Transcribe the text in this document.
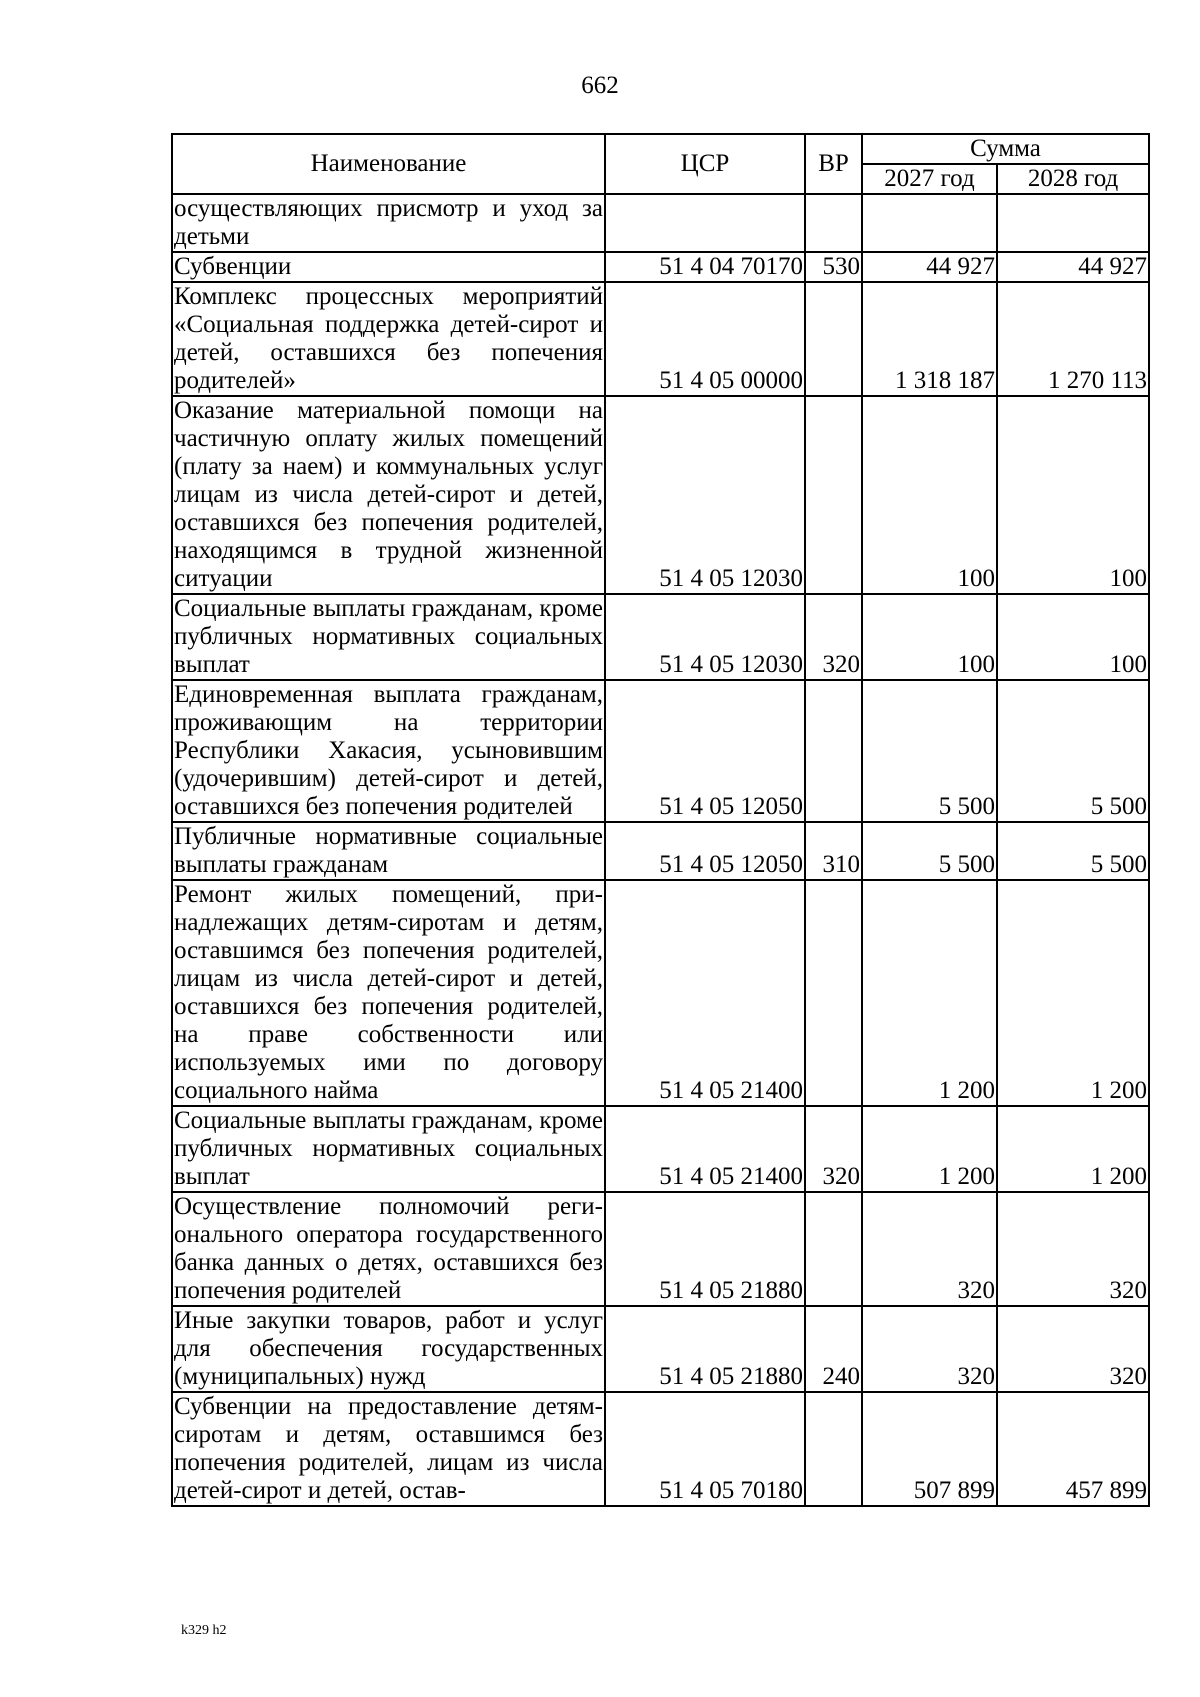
662
Наименование	ЦСР	ВР	Сумма	
			2027 год	2028 год
осуществляющих присмотр и уход за детьми				
Субвенции	51 4 04 70170	530	44 927	44 927
Комплекс процессных мероприятий «Социальная поддержка детей-сирот и детей, оставшихся без попечения родителей»	51 4 05 00000		1 318 187	1 270 113
Оказание материальной помощи на частичную оплату жилых помещений (плату за наем) и коммунальных услуг лицам из числа детей-сирот и детей, оставшихся без попечения родителей, находящимся в трудной жизненной ситуации	51 4 05 12030		100	100
Социальные выплаты гражданам, кроме публичных нормативных социальных выплат	51 4 05 12030	320	100	100
Единовременная выплата гражданам, проживающим на территории Республики Хакасия, усыновившим (удочерившим) детей-сирот и детей, оставшихся без попечения родителей	51 4 05 12050		5 500	5 500
Публичные нормативные социальные выплаты гражданам	51 4 05 12050	310	5 500	5 500
Ремонт жилых помещений, принадлежащих детям-сиротам и детям, оставшимся без попечения родителей, лицам из числа детей-сирот и детей, оставшихся без попечения родителей, на праве собственности или используемых ими по договору социального найма	51 4 05 21400		1 200	1 200
Социальные выплаты гражданам, кроме публичных нормативных социальных выплат	51 4 05 21400	320	1 200	1 200
Осуществление полномочий регионального оператора государственного банка данных о детях, оставшихся без попечения родителей	51 4 05 21880		320	320
Иные закупки товаров, работ и услуг для обеспечения государственных (муниципальных) нужд	51 4 05 21880	240	320	320
Субвенции на предоставление детям-сиротам и детям, оставшимся без попечения родителей, лицам из числа детей-сирот и детей, остав-	51 4 05 70180		507 899	457 899
k329 h2
